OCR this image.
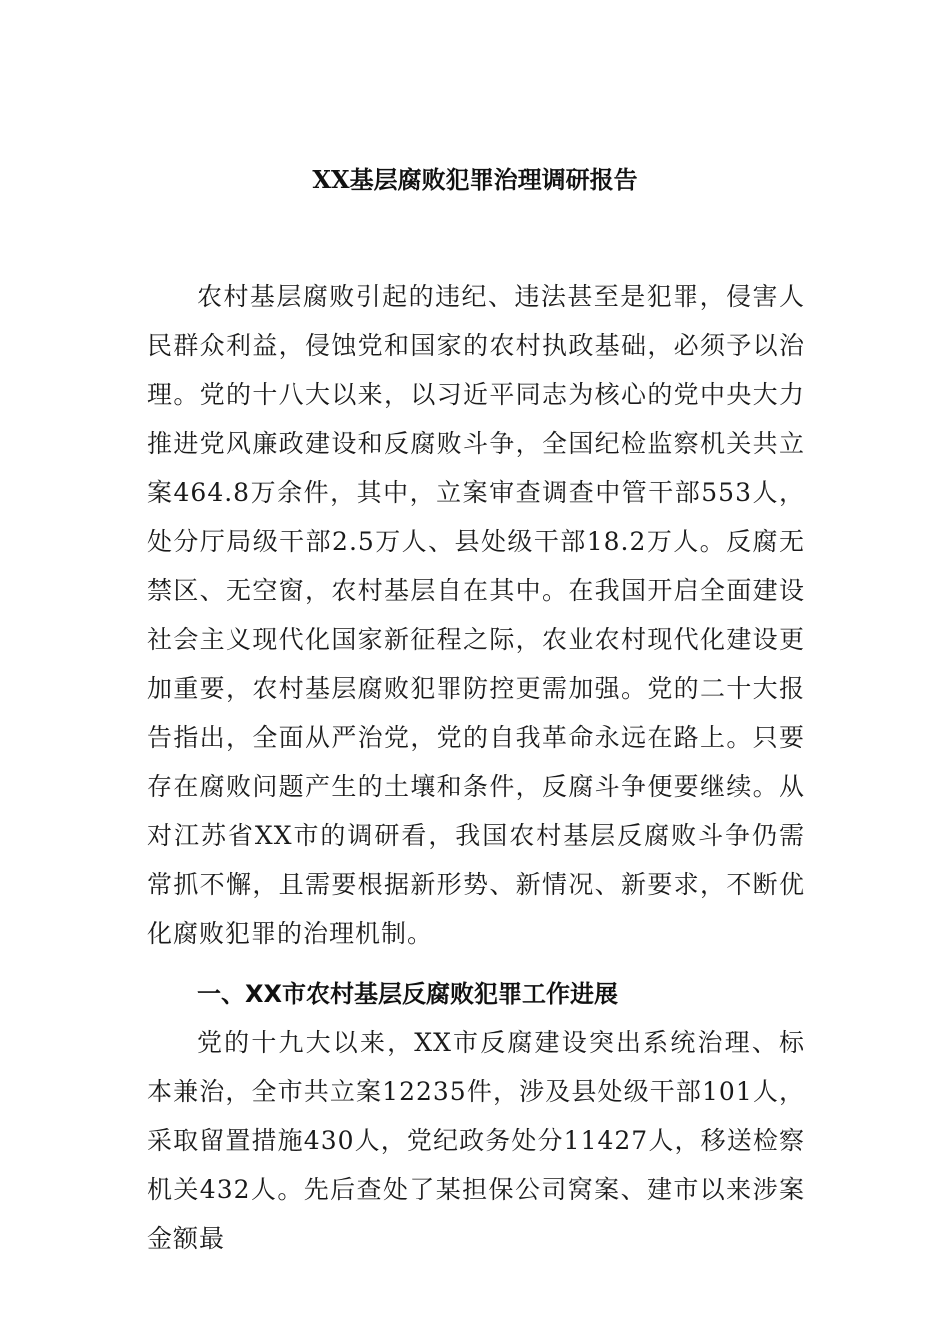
XX基层腐败犯罪治理调研报告

农村基层腐败引起的违纪、违法甚至是犯罪，侵害人民群众利益，侵蚀党和国家的农村执政基础，必须予以治理。党的十八大以来，以习近平同志为核心的党中央大力推进党风廉政建设和反腐败斗争，全国纪检监察机关共立案464.8万余件，其中，立案审查调查中管干部553人，处分厅局级干部2.5万人、县处级干部18.2万人。反腐无禁区、无空窗，农村基层自在其中。在我国开启全面建设社会主义现代化国家新征程之际，农业农村现代化建设更加重要，农村基层腐败犯罪防控更需加强。党的二十大报告指出，全面从严治党，党的自我革命永远在路上。只要存在腐败问题产生的土壤和条件，反腐斗争便要继续。从对江苏省XX市的调研看，我国农村基层反腐败斗争仍需常抓不懈，且需要根据新形势、新情况、新要求，不断优化腐败犯罪的治理机制。

一、XX市农村基层反腐败犯罪工作进展

党的十九大以来，XX市反腐建设突出系统治理、标本兼治，全市共立案12235件，涉及县处级干部101人，采取留置措施430人，党纪政务处分11427人，移送检察机关432人。先后查处了某担保公司窝案、建市以来涉案金额最
